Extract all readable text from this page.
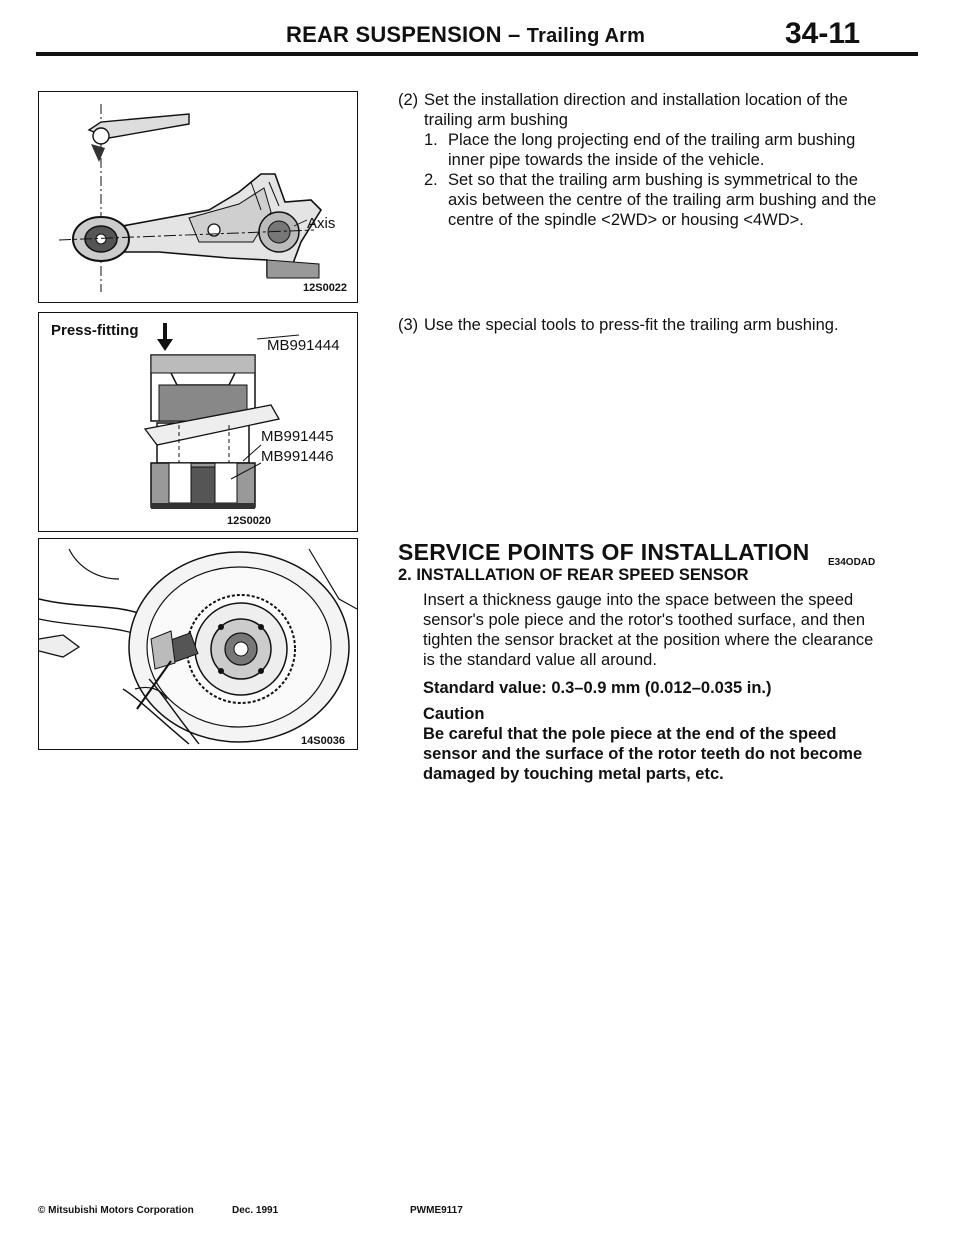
REAR SUSPENSION – Trailing Arm	34-11
Axis
12S0022
Press-fitting
MB991444
MB991445
MB991446
12S0020
14S0036
(2) Set the installation direction and installation location of the trailing arm bushing
1. Place the long projecting end of the trailing arm bushing inner pipe towards the inside of the vehicle.
2. Set so that the trailing arm bushing is symmetrical to the axis between the centre of the trailing arm bushing and the centre of the spindle <2WD> or housing <4WD>.
(3) Use the special tools to press-fit the trailing arm bushing.
SERVICE POINTS OF INSTALLATION E34ODAD
2. INSTALLATION OF REAR SPEED SENSOR
Insert a thickness gauge into the space between the speed sensor's pole piece and the rotor's toothed surface, and then tighten the sensor bracket at the position where the clearance is the standard value all around.
Standard value: 0.3–0.9 mm (0.012–0.035 in.)
Caution
Be careful that the pole piece at the end of the speed sensor and the surface of the rotor teeth do not become damaged by touching metal parts, etc.
© Mitsubishi Motors Corporation	Dec. 1991	PWME9117
